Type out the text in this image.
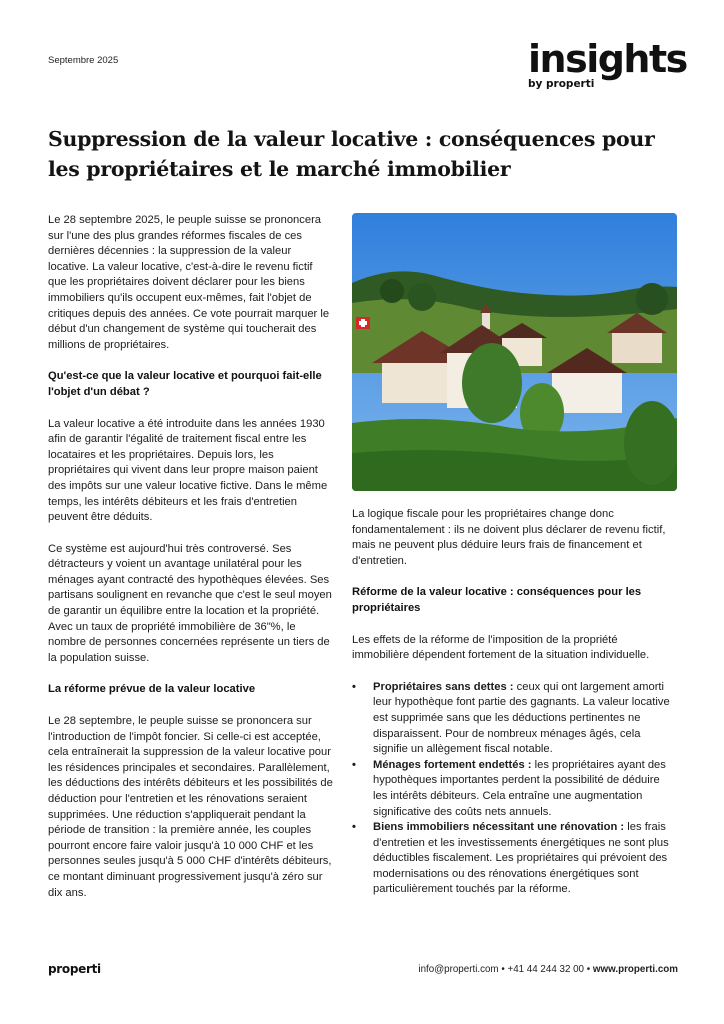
Septembre 2025	insights
by properti
Suppression de la valeur locative : conséquences pour les propriétaires et le marché immobilier

Le 28 septembre 2025, le peuple suisse se prononcera sur l'une des plus grandes réformes fiscales de ces dernières décennies : la suppression de la valeur locative. La valeur locative, c'est-à-dire le revenu fictif que les propriétaires doivent déclarer pour les biens immobiliers qu'ils occupent eux-mêmes, fait l'objet de critiques depuis des années. Ce vote pourrait marquer le début d'un changement de système qui toucherait des millions de propriétaires.

Qu'est-ce que la valeur locative et pourquoi fait-elle l'objet d'un débat ?

La valeur locative a été introduite dans les années 1930 afin de garantir l'égalité de traitement fiscal entre les locataires et les propriétaires. Depuis lors, les propriétaires qui vivent dans leur propre maison paient des impôts sur une valeur locative fictive. Dans le même temps, les intérêts débiteurs et les frais d'entretien peuvent être déduits.

Ce système est aujourd'hui très controversé. Ses détracteurs y voient un avantage unilatéral pour les ménages ayant contracté des hypothèques élevées. Ses partisans soulignent en revanche que c'est le seul moyen de garantir un équilibre entre la location et la propriété. Avec un taux de propriété immobilière de 36"%, le nombre de personnes concernées représente un tiers de la population suisse.

La réforme prévue de la valeur locative

Le 28 septembre, le peuple suisse se prononcera sur l'introduction de l'impôt foncier. Si celle-ci est acceptée, cela entraînerait la suppression de la valeur locative pour les résidences principales et secondaires. Parallèlement, les déductions des intérêts débiteurs et les possibilités de déduction pour l'entretien et les rénovations seraient supprimées. Une réduction s'appliquerait pendant la période de transition : la première année, les couples pourront encore faire valoir jusqu'à 10 000 CHF et les personnes seules jusqu'à 5 000 CHF d'intérêts débiteurs, ce montant diminuant progressivement jusqu'à zéro sur dix ans.

La logique fiscale pour les propriétaires change donc fondamentalement : ils ne doivent plus déclarer de revenu fictif, mais ne peuvent plus déduire leurs frais de financement et d'entretien.

Réforme de la valeur locative : conséquences pour les propriétaires

Les effets de la réforme de l'imposition de la propriété immobilière dépendent fortement de la situation individuelle.

• Propriétaires sans dettes : ceux qui ont largement amorti leur hypothèque font partie des gagnants. La valeur locative est supprimée sans que les déductions pertinentes ne disparaissent. Pour de nombreux ménages âgés, cela signifie un allègement fiscal notable.
• Ménages fortement endettés : les propriétaires ayant des hypothèques importantes perdent la possibilité de déduire les intérêts débiteurs. Cela entraîne une augmentation significative des coûts nets annuels.
• Biens immobiliers nécessitant une rénovation : les frais d'entretien et les investissements énergétiques ne sont plus déductibles fiscalement. Les propriétaires qui prévoient des modernisations ou des rénovations énergétiques sont particulièrement touchés par la réforme.
properti	info@properti.com • +41 44 244 32 00 • www.properti.com
